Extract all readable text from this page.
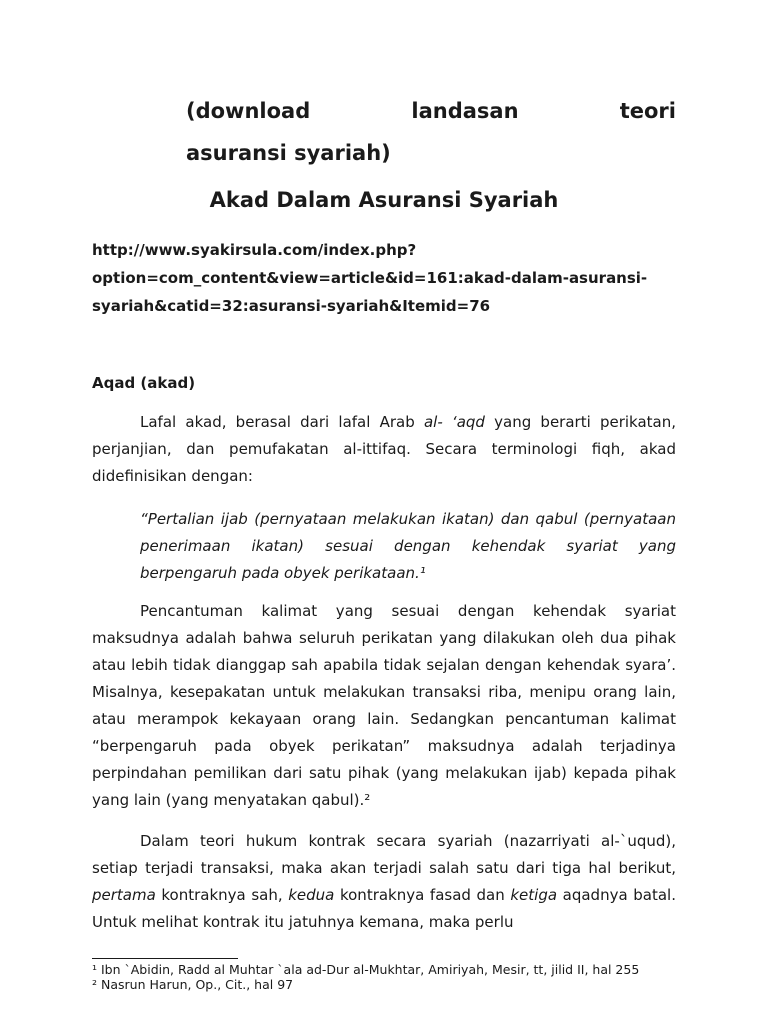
(download	landasan	teori
asuransi syariah)
Akad Dalam Asuransi Syariah
http://www.syakirsula.com/index.php?
option=com_content&view=article&id=161:akad-dalam-asuransi-
syariah&catid=32:asuransi-syariah&Itemid=76
Aqad (akad)
Lafal akad, berasal dari lafal Arab al- ‘aqd yang berarti perikatan, perjanjian, dan pemufakatan al-ittifaq. Secara terminologi fiqh, akad didefinisikan dengan:
“Pertalian ijab (pernyataan melakukan ikatan) dan qabul (pernyataan penerimaan ikatan) sesuai dengan kehendak syariat yang berpengaruh pada obyek perikataan.¹
Pencantuman kalimat yang sesuai dengan kehendak syariat maksudnya adalah bahwa seluruh perikatan yang dilakukan oleh dua pihak atau lebih tidak dianggap sah apabila tidak sejalan dengan kehendak syara’. Misalnya, kesepakatan untuk melakukan transaksi riba, menipu orang lain, atau merampok kekayaan orang lain. Sedangkan pencantuman kalimat “berpengaruh pada obyek perikatan” maksudnya adalah terjadinya perpindahan pemilikan dari satu pihak (yang melakukan ijab) kepada pihak yang lain (yang menyatakan qabul).²
Dalam teori hukum kontrak secara syariah (nazarriyati al-`uqud), setiap terjadi transaksi, maka akan terjadi salah satu dari tiga hal berikut, pertama kontraknya sah, kedua kontraknya fasad dan ketiga aqadnya batal. Untuk melihat kontrak itu jatuhnya kemana, maka perlu
¹ Ibn `Abidin, Radd al Muhtar `ala ad-Dur al-Mukhtar, Amiriyah, Mesir, tt, jilid II, hal 255
² Nasrun Harun, Op., Cit., hal 97
